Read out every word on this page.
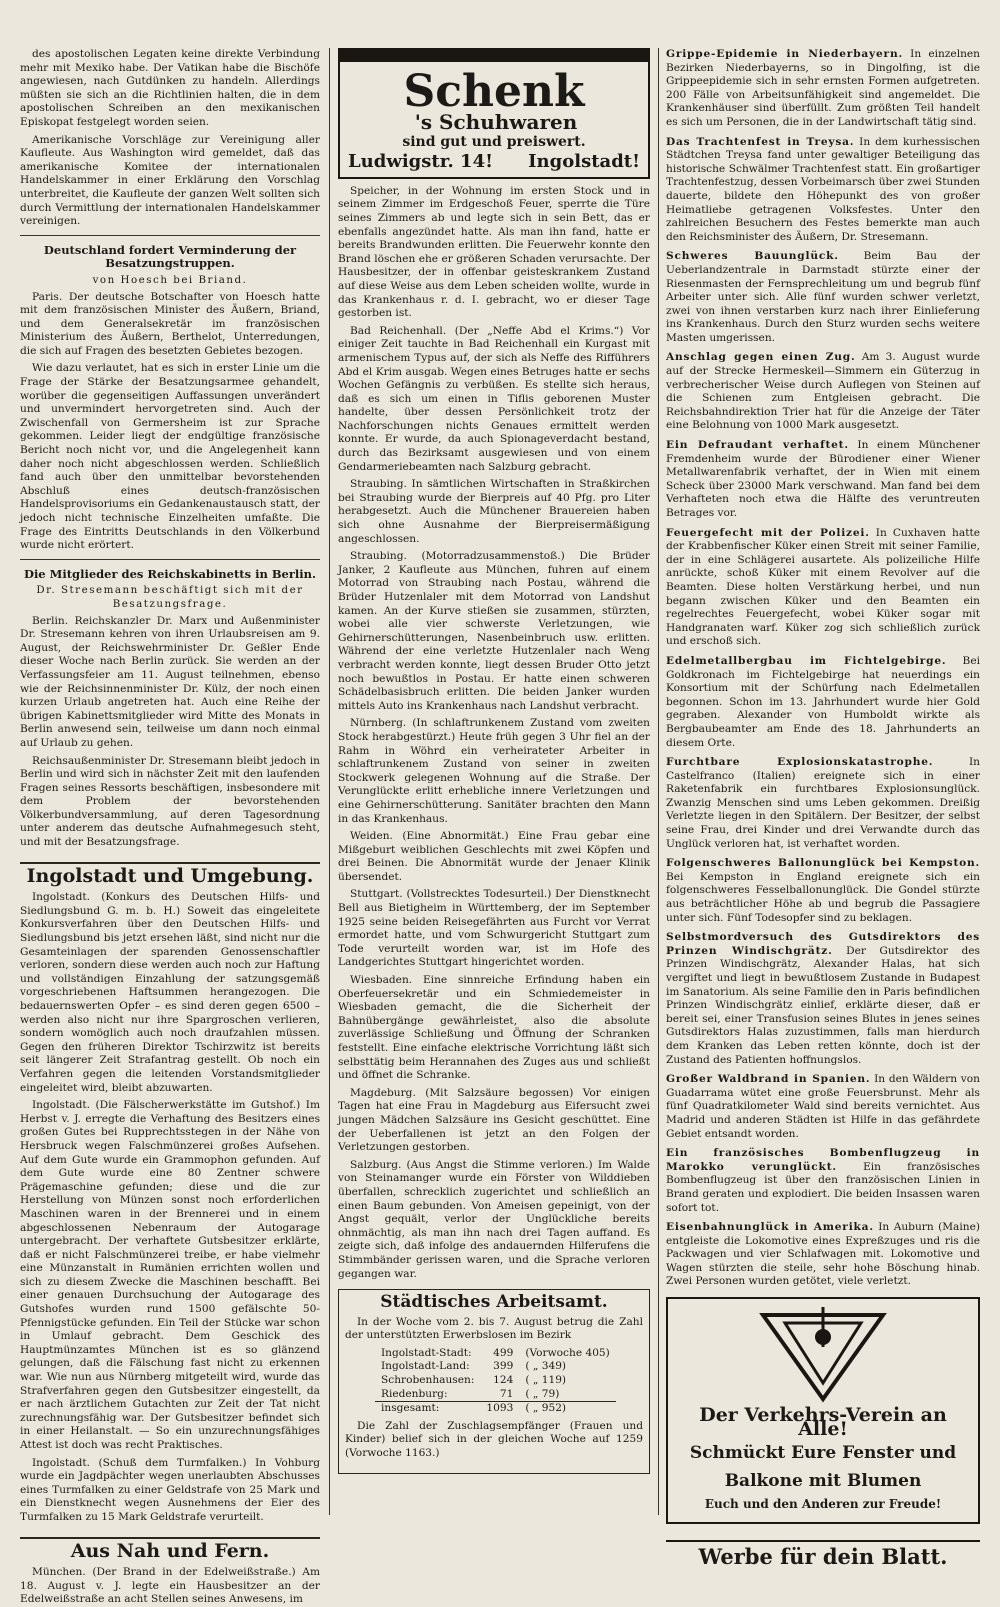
des apostolischen Legaten keine direkte Verbindung mehr mit Mexiko habe. Der Vatikan habe die Bischöfe angewiesen, nach Gutdünken zu handeln. Allerdings müßten sie sich an die Richtlinien halten, die in dem apostolischen Schreiben an den mexikanischen Episkopat festgelegt worden seien.

Amerikanische Vorschläge zur Vereinigung aller Kaufleute. Aus Washington wird gemeldet, daß das amerikanische Komitee der internationalen Handelskammer in einer Erklärung den Vorschlag unterbreitet, die Kaufleute der ganzen Welt sollten sich durch Vermittlung der internationalen Handelskammer vereinigen.

Deutschland fordert Verminderung der Besatzungstruppen.
von Hoesch bei Briand.

Paris. Der deutsche Botschafter von Hoesch hatte mit dem französischen Minister des Äußern, Briand, und dem Generalsekretär im französischen Ministerium des Äußern, Berthelot, Unterredungen, die sich auf Fragen des besetzten Gebietes bezogen.

Wie dazu verlautet, hat es sich in erster Linie um die Frage der Stärke der Besatzungsarmee gehandelt, worüber die gegenseitigen Auffassungen unverändert und unvermindert hervorgetreten sind. Auch der Zwischenfall von Germersheim ist zur Sprache gekommen. Leider liegt der endgültige französische Bericht noch nicht vor, und die Angelegenheit kann daher noch nicht abgeschlossen werden. Schließlich fand auch über den unmittelbar bevorstehenden Abschluß eines deutsch-französischen Handelsprovisoriums ein Gedankenaustausch statt, der jedoch nicht technische Einzelheiten umfaßte. Die Frage des Eintritts Deutschlands in den Völkerbund wurde nicht erörtert.

Die Mitglieder des Reichskabinetts in Berlin.
Dr. Stresemann beschäftigt sich mit der Besatzungsfrage.

Berlin. Reichskanzler Dr. Marx und Außenminister Dr. Stresemann kehren von ihren Urlaubsreisen am 9. August, der Reichswehrminister Dr. Geßler Ende dieser Woche nach Berlin zurück. Sie werden an der Verfassungsfeier am 11. August teilnehmen, ebenso wie der Reichsinnenminister Dr. Külz, der noch einen kurzen Urlaub angetreten hat. Auch eine Reihe der übrigen Kabinettsmitglieder wird Mitte des Monats in Berlin anwesend sein, teilweise um dann noch einmal auf Urlaub zu gehen.

Reichsaußenminister Dr. Stresemann bleibt jedoch in Berlin und wird sich in nächster Zeit mit den laufenden Fragen seines Ressorts beschäftigen, insbesondere mit dem Problem der bevorstehenden Völkerbundversammlung, auf deren Tagesordnung unter anderem das deutsche Aufnahmegesuch steht, und mit der Besatzungsfrage.

Ingolstadt und Umgebung.

Ingolstadt. (Konkurs des Deutschen Hilfs- und Siedlungsbund G. m. b. H.) Soweit das eingeleitete Konkursverfahren über den Deutschen Hilfs- und Siedlungsbund bis jetzt ersehen läßt, sind nicht nur die Gesamteinlagen der sparenden Genossenschaftler verloren, sondern diese werden auch noch zur Haftung und vollständigen Einzahlung der satzungsgemäß vorgeschriebenen Haftsummen herangezogen. Die bedauernswerten Opfer – es sind deren gegen 6500 – werden also nicht nur ihre Spargroschen verlieren, sondern womöglich auch noch draufzahlen müssen. Gegen den früheren Direktor Tschirzwitz ist bereits seit längerer Zeit Strafantrag gestellt. Ob noch ein Verfahren gegen die leitenden Vorstandsmitglieder eingeleitet wird, bleibt abzuwarten.

Ingolstadt. (Die Fälscherwerkstätte im Gutshof.) Im Herbst v. J. erregte die Verhaftung des Besitzers eines großen Gutes bei Rupprechtsstegen in der Nähe von Hersbruck wegen Falschmünzerei großes Aufsehen. Auf dem Gute wurde ein Grammophon gefunden. Auf dem Gute wurde eine 80 Zentner schwere Prägemaschine gefunden; diese und die zur Herstellung von Münzen sonst noch erforderlichen Maschinen waren in der Brennerei und in einem abgeschlossenen Nebenraum der Autogarage untergebracht. Der verhaftete Gutsbesitzer erklärte, daß er nicht Falschmünzerei treibe, er habe vielmehr eine Münzanstalt in Rumänien errichten wollen und sich zu diesem Zwecke die Maschinen beschafft. Bei einer genauen Durchsuchung der Autogarage des Gutshofes wurden rund 1500 gefälschte 50-Pfennigstücke gefunden. Ein Teil der Stücke war schon in Umlauf gebracht. Dem Geschick des Hauptmünzamtes München ist es so glänzend gelungen, daß die Fälschung fast nicht zu erkennen war. Wie nun aus Nürnberg mitgeteilt wird, wurde das Strafverfahren gegen den Gutsbesitzer eingestellt, da er nach ärztlichem Gutachten zur Zeit der Tat nicht zurechnungsfähig war. Der Gutsbesitzer befindet sich in einer Heilanstalt. — So ein unzurechnungsfähiges Attest ist doch was recht Praktisches.

Ingolstadt. (Schuß dem Turmfalken.) In Vohburg wurde ein Jagdpächter wegen unerlaubten Abschusses eines Turmfalken zu einer Geldstrafe von 25 Mark und ein Dienstknecht wegen Ausnehmens der Eier des Turmfalken zu 15 Mark Geldstrafe verurteilt.

Aus Nah und Fern.

München. (Der Brand in der Edelweißstraße.) Am 18. August v. J. legte ein Hausbesitzer an der Edelweißstraße an acht Stellen seines Anwesens, im

Schenk's Schuhwaren
sind gut und preiswert.
Ludwigstr. 14! Ingolstadt!

Speicher, in der Wohnung im ersten Stock und in seinem Zimmer im Erdgeschoß Feuer, sperrte die Türe seines Zimmers ab und legte sich in sein Bett, das er ebenfalls angezündet hatte. Als man ihn fand, hatte er bereits Brandwunden erlitten. Die Feuerwehr konnte den Brand löschen ehe er größeren Schaden verursachte. Der Hausbesitzer, der in offenbar geisteskrankem Zustand auf diese Weise aus dem Leben scheiden wollte, wurde in das Krankenhaus r. d. I. gebracht, wo er dieser Tage gestorben ist.

Bad Reichenhall. (Der „Neffe Abd el Krims.“) Vor einiger Zeit tauchte in Bad Reichenhall ein Kurgast mit armenischem Typus auf, der sich als Neffe des Rifführers Abd el Krim ausgab. Wegen eines Betruges hatte er sechs Wochen Gefängnis zu verbüßen. Es stellte sich heraus, daß es sich um einen in Tiflis geborenen Muster handelte, über dessen Persönlichkeit trotz der Nachforschungen nichts Genaues ermittelt werden konnte. Er wurde, da auch Spionageverdacht bestand, durch das Bezirksamt ausgewiesen und von einem Gendarmeriebeamten nach Salzburg gebracht.

Straubing. In sämtlichen Wirtschaften in Straßkirchen bei Straubing wurde der Bierpreis auf 40 Pfg. pro Liter herabgesetzt. Auch die Münchener Brauereien haben sich ohne Ausnahme der Bierpreisermäßigung angeschlossen.

Straubing. (Motorradzusammenstoß.) Die Brüder Janker, 2 Kaufleute aus München, fuhren auf einem Motorrad von Straubing nach Postau, während die Brüder Hutzenlaler mit dem Motorrad von Landshut kamen. An der Kurve stießen sie zusammen, stürzten, wobei alle vier schwerste Verletzungen, wie Gehirnerschütterungen, Nasenbeinbruch usw. erlitten. Während der eine verletzte Hutzenlaler nach Weng verbracht werden konnte, liegt dessen Bruder Otto jetzt noch bewußtlos in Postau. Er hatte einen schweren Schädelbasisbruch erlitten. Die beiden Janker wurden mittels Auto ins Krankenhaus nach Landshut verbracht.

Nürnberg. (In schlaftrunkenem Zustand vom zweiten Stock herabgestürzt.) Heute früh gegen 3 Uhr fiel an der Rahm in Wöhrd ein verheirateter Arbeiter in schlaftrunkenem Zustand von seiner in zweiten Stockwerk gelegenen Wohnung auf die Straße. Der Verunglückte erlitt erhebliche innere Verletzungen und eine Gehirnerschütterung. Sanitäter brachten den Mann in das Krankenhaus.

Weiden. (Eine Abnormität.) Eine Frau gebar eine Mißgeburt weiblichen Geschlechts mit zwei Köpfen und drei Beinen. Die Abnormität wurde der Jenaer Klinik übersendet.

Stuttgart. (Vollstrecktes Todesurteil.) Der Dienstknecht Bell aus Bietigheim in Württemberg, der im September 1925 seine beiden Reisegefährten aus Furcht vor Verrat ermordet hatte, und vom Schwurgericht Stuttgart zum Tode verurteilt worden war, ist im Hofe des Landgerichtes Stuttgart hingerichtet worden.

Wiesbaden. Eine sinnreiche Erfindung haben ein Oberfeuersekretär und ein Schmiedemeister in Wiesbaden gemacht, die die Sicherheit der Bahnübergänge gewährleistet, also die absolute zuverlässige Schließung und Öffnung der Schranken feststellt. Eine einfache elektrische Vorrichtung läßt sich selbsttätig beim Herannahen des Zuges aus und schließt und öffnet die Schranke.

Magdeburg. (Mit Salzsäure begossen) Vor einigen Tagen hat eine Frau in Magdeburg aus Eifersucht zwei jungen Mädchen Salzsäure ins Gesicht geschüttet. Eine der Ueberfallenen ist jetzt an den Folgen der Verletzungen gestorben.

Salzburg. (Aus Angst die Stimme verloren.) Im Walde von Steinamanger wurde ein Förster von Wilddieben überfallen, schrecklich zugerichtet und schließlich an einen Baum gebunden. Von Ameisen gepeinigt, von der Angst gequält, verlor der Unglückliche bereits ohnmächtig, als man ihn nach drei Tagen auffand. Es zeigte sich, daß infolge des andauernden Hilferufens die Stimmbänder gerissen waren, und die Sprache verloren gegangen war.

Städtisches Arbeitsamt.

In der Woche vom 2. bis 7. August betrug die Zahl der unterstützten Erwerbslosen im Bezirk

Ingolstadt-Stadt:	499	(Vorwoche 405)
Ingolstadt-Land:	399	( „ 349)
Schrobenhausen:	124	( „ 119)
Riedenburg:	71	( „ 79)
insgesamt:	1093	( „ 952)

Die Zahl der Zuschlagsempfänger (Frauen und Kinder) belief sich in der gleichen Woche auf 1259 (Vorwoche 1163.)

Grippe-Epidemie in Niederbayern. In einzelnen Bezirken Niederbayerns, so in Dingolfing, ist die Grippeepidemie sich in sehr ernsten Formen aufgetreten. 200 Fälle von Arbeitsunfähigkeit sind angemeldet. Die Krankenhäuser sind überfüllt. Zum größten Teil handelt es sich um Personen, die in der Landwirtschaft tätig sind.

Das Trachtenfest in Treysa. In dem kurhessischen Städtchen Treysa fand unter gewaltiger Beteiligung das historische Schwälmer Trachtenfest statt. Ein großartiger Trachtenfestzug, dessen Vorbeimarsch über zwei Stunden dauerte, bildete den Höhepunkt des von großer Heimatliebe getragenen Volksfestes. Unter den zahlreichen Besuchern des Festes bemerkte man auch den Reichsminister des Äußern, Dr. Stresemann.

Schweres Bauunglück. Beim Bau der Ueberlandzentrale in Darmstadt stürzte einer der Riesenmasten der Fernsprechleitung um und begrub fünf Arbeiter unter sich. Alle fünf wurden schwer verletzt, zwei von ihnen verstarben kurz nach ihrer Einlieferung ins Krankenhaus. Durch den Sturz wurden sechs weitere Masten umgerissen.

Anschlag gegen einen Zug. Am 3. August wurde auf der Strecke Hermeskeil—Simmern ein Güterzug in verbrecherischer Weise durch Auflegen von Steinen auf die Schienen zum Entgleisen gebracht. Die Reichsbahndirektion Trier hat für die Anzeige der Täter eine Belohnung von 1000 Mark ausgesetzt.

Ein Defraudant verhaftet. In einem Münchener Fremdenheim wurde der Bürodiener einer Wiener Metallwarenfabrik verhaftet, der in Wien mit einem Scheck über 23000 Mark verschwand. Man fand bei dem Verhafteten noch etwa die Hälfte des veruntreuten Betrages vor.

Feuergefecht mit der Polizei. In Cuxhaven hatte der Krabbenfischer Küker einen Streit mit seiner Familie, der in eine Schlägerei ausartete. Als polizeiliche Hilfe anrückte, schoß Küker mit einem Revolver auf die Beamten. Diese holten Verstärkung herbei, und nun begann zwischen Küker und den Beamten ein regelrechtes Feuergefecht, wobei Küker sogar mit Handgranaten warf. Küker zog sich schließlich zurück und erschoß sich.

Edelmetallbergbau im Fichtelgebirge. Bei Goldkronach im Fichtelgebirge hat neuerdings ein Konsortium mit der Schürfung nach Edelmetallen begonnen. Schon im 13. Jahrhundert wurde hier Gold gegraben. Alexander von Humboldt wirkte als Bergbaubeamter am Ende des 18. Jahrhunderts an diesem Orte.

Furchtbare Explosionskatastrophe.	In Castelfranco (Italien) ereignete sich in einer Raketenfabrik ein furchtbares Explosionsunglück. Zwanzig Menschen sind ums Leben gekommen. Dreißig Verletzte liegen in den Spitälern. Der Besitzer, der selbst seine Frau, drei Kinder und drei Verwandte durch das Unglück verloren hat, ist verhaftet worden.

Folgenschweres Ballonunglück bei Kempston. Bei Kempston in England ereignete sich ein folgenschweres Fesselballonunglück. Die Gondel stürzte aus beträchtlicher Höhe ab und begrub die Passagiere unter sich. Fünf Todesopfer sind zu beklagen.

Selbstmordversuch des Gutsdirektors des Prinzen Windischgrätz. Der Gutsdirektor des Prinzen Windischgrätz, Alexander Halas, hat sich vergiftet und liegt in bewußtlosem Zustande in Budapest im Sanatorium. Als seine Familie den in Paris befindlichen Prinzen Windischgrätz einlief, erklärte dieser, daß er bereit sei, einer Transfusion seines Blutes in jenes seines Gutsdirektors Halas zuzustimmen, falls man hierdurch dem Kranken das Leben retten könnte, doch ist der Zustand des Patienten hoffnungslos.

Großer Waldbrand in Spanien. In den Wäldern von Guadarrama wütet eine große Feuersbrunst. Mehr als fünf Quadratkilometer Wald sind bereits vernichtet. Aus Madrid und anderen Städten ist Hilfe in das gefährdete Gebiet entsandt worden.

Ein französisches Bombenflugzeug in Marokko verunglückt. Ein französisches Bombenflugzeug ist über den französischen Linien in Brand geraten und explodiert. Die beiden Insassen waren sofort tot.

Eisenbahnunglück in Amerika. In Auburn (Maine) entgleiste die Lokomotive eines Expreßzuges und ris die Packwagen und vier Schlafwagen mit. Lokomotive und Wagen stürzten die steile, sehr hohe Böschung hinab. Zwei Personen wurden getötet, viele verletzt.

Der Verkehrs-Verein an Alle!
Schmückt Eure Fenster und
Balkone mit Blumen
Euch und den Anderen zur Freude!
Werbe für dein Blatt.
